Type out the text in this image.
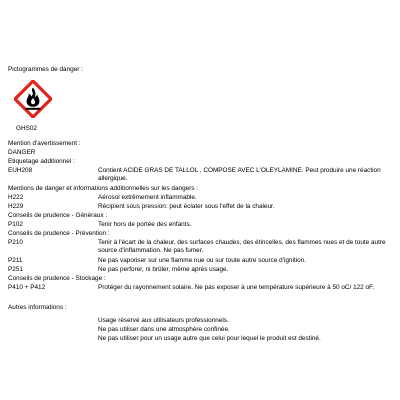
Pictogrammes de danger :
GHS02
Mention d'avertissement :
DANGER
Etiquetage additionnel :
EUH208	Contient ACIDE GRAS DE TALLOL , COMPOSE AVEC L'OLEYLAMINE. Peut produire une réaction allergique.
Mentions de danger et informations additionnelles sur les dangers :
H222	Aérosol extrêmement inflammable.
H229	Récipient sous pression: peut éclater sous l'effet de la chaleur.
Conseils de prudence - Généraux :
P102	Tenir hors de portée des enfants.
Conseils de prudence - Prévention :
P210	Tenir à l'écart de la chaleur, des surfaces chaudes, des étincelles, des flammes nues et de toute autre source d'inflammation. Ne pas fumer.
P211	Ne pas vaporiser sur une flamme nue ou sur toute autre source d'ignition.
P251	Ne pas perforer, ni brûler, même après usage.
Conseils de prudence - Stockage :
P410 + P412	Protéger du rayonnement solaire. Ne pas exposer à une température supérieure à 50 oC/ 122 oF.
Autres informations :
Usage réservé aux utilisateurs professionnels.
Ne pas utiliser dans une atmosphère confinée.
Ne pas utiliser pour un usage autre que celui pour lequel le produit est destiné.
